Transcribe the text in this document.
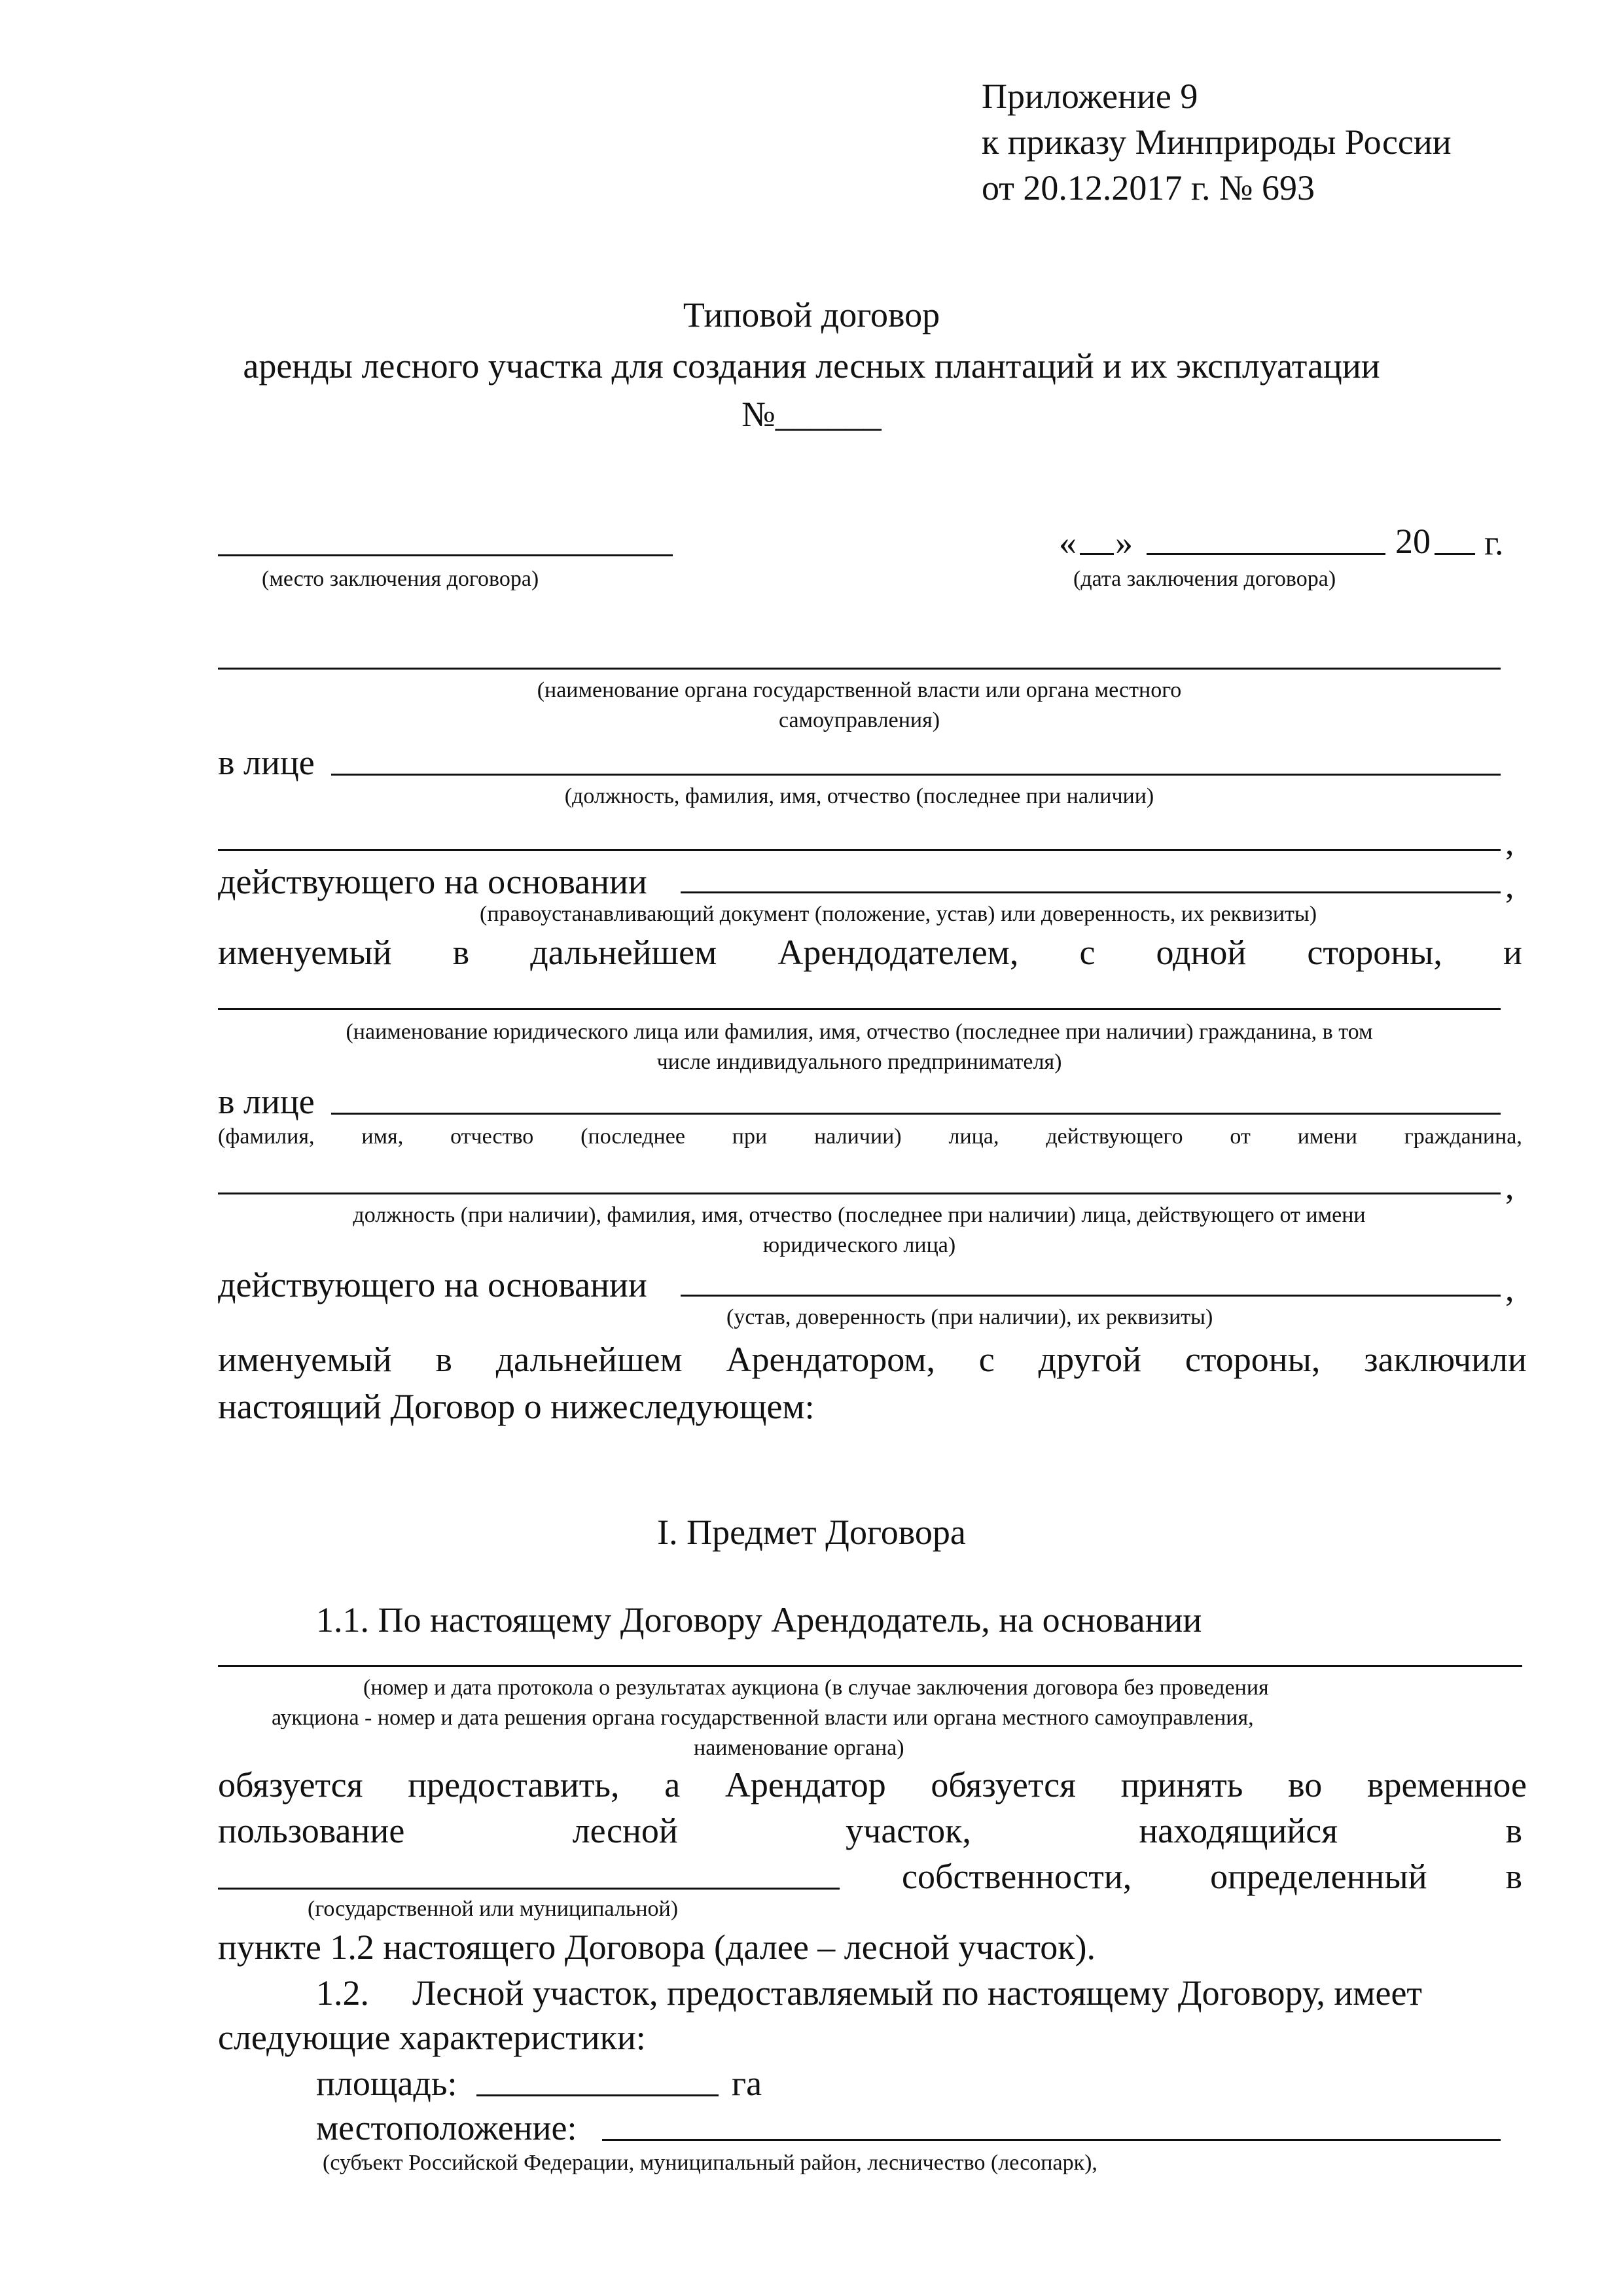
Приложение 9
к приказу Минприроды России
от 20.12.2017 г. № 693
Типовой договор
аренды лесного участка для создания лесных плантаций и их эксплуатации
№______
(место заключения договора)
« »	20 г.
(дата заключения договора)
(наименование органа государственной власти или органа местного
самоуправления)
в лице
(должность, фамилия, имя, отчество (последнее при наличии)
,
действующего на основании	,
(правоустанавливающий документ (положение, устав) или доверенность, их реквизиты)
именуемый в дальнейшем Арендодателем, с одной стороны, и
(наименование юридического лица или фамилия, имя, отчество (последнее при наличии) гражданина, в том
числе индивидуального предпринимателя)
в лице
(фамилия, имя, отчество (последнее при наличии) лица, действующего от имени гражданина,
,
должность (при наличии), фамилия, имя, отчество (последнее при наличии) лица, действующего от имени
юридического лица)
действующего на основании	,
(устав, доверенность (при наличии), их реквизиты)
именуемый в дальнейшем Арендатором, с другой стороны, заключили
настоящий Договор о нижеследующем:
I. Предмет Договора
1.1. По настоящему Договору Арендодатель, на основании
(номер и дата протокола о результатах аукциона (в случае заключения договора без проведения
аукциона - номер и дата решения органа государственной власти или органа местного самоуправления,
наименование органа)
обязуется предоставить, а Арендатор обязуется принять во временное
пользование	лесной	участок,	находящийся	в
собственности, определенный в
(государственной или муниципальной)
пункте 1.2 настоящего Договора (далее – лесной участок).
1.2. Лесной участок, предоставляемый по настоящему Договору, имеет
следующие характеристики:
площадь:	га
местоположение:
(субъект Российской Федерации, муниципальный район, лесничество (лесопарк),
